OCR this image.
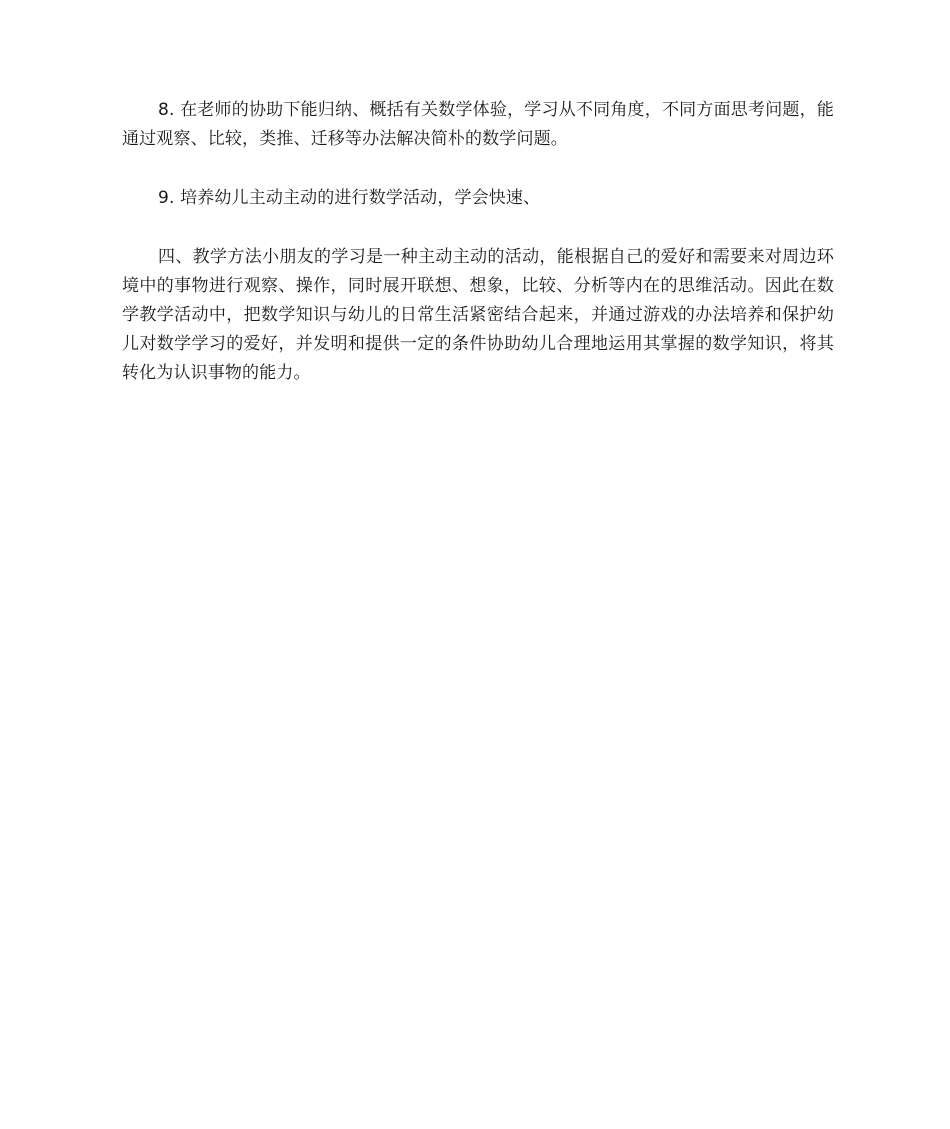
8. 在老师的协助下能归纳、概括有关数学体验，学习从不同角度，不同方面思考问题，能通过观察、比较，类推、迁移等办法解决简朴的数学问题。

9. 培养幼儿主动主动的进行数学活动，学会快速、

四、教学方法小朋友的学习是一种主动主动的活动，能根据自己的爱好和需要来对周边环境中的事物进行观察、操作，同时展开联想、想象，比较、分析等内在的思维活动。因此在数学教学活动中，把数学知识与幼儿的日常生活紧密结合起来，并通过游戏的办法培养和保护幼儿对数学学习的爱好，并发明和提供一定的条件协助幼儿合理地运用其掌握的数学知识，将其转化为认识事物的能力。
